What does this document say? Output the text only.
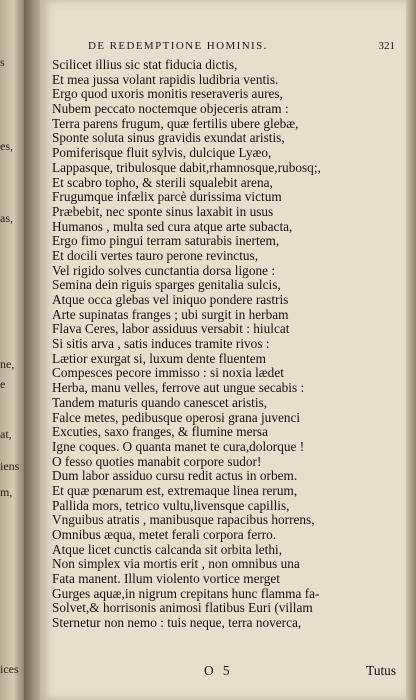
s
es,
as,
ne,
e
at,
iens
m,
ices
DE REDEMPTIONE HOMINIS.	321
Scilicet illius sic stat fiducia dictis,
Et mea jussa volant rapidis ludibria ventis.
Ergo quod uxoris monitis reseraveris aures,
Nubem peccato noctemque objeceris atram :
Terra parens frugum, quæ fertilis ubere glebæ,
Sponte soluta sinus gravidis exundat aristis,
Pomiferisque fluit sylvis, dulcique Lyæo,
Lappasque, tribulosque dabit,rhamnosque,rubosq;,
Et scabro topho, & sterili squalebit arena,
Frugumque infælix parcè durissima victum
Præbebit, nec sponte sinus laxabit in usus
Humanos , multa sed cura atque arte subacta,
Ergo fimo pingui terram saturabis inertem,
Et docili vertes tauro perone revinctus,
Vel rigido solves cunctantia dorsa ligone :
Semina dein riguis sparges genitalia sulcis,
Atque occa glebas vel iniquo pondere rastris
Arte supinatas franges ; ubi surgit in herbam
Flava Ceres, labor assiduus versabit : hiulcat
Si sitis arva , satis induces tramite rivos :
Lætior exurgat si, luxum dente fluentem
Compesces pecore immisso : si noxia lædet
Herba, manu velles, ferrove aut ungue secabis :
Tandem maturis quando canescet aristis,
Falce metes, pedibusque operosi grana juvenci
Excuties, saxo franges, & flumine mersa
Igne coques. O quanta manet te cura,dolorque !
O fesso quoties manabit corpore sudor!
Dum labor assiduo cursu redit actus in orbem.
Et quæ pœnarum est, extremaque linea rerum,
Pallida mors, tetrico vultu,livensque capillis,
Vnguibus atratis , manibusque rapacibus horrens,
Omnibus æqua, metet ferali corpora ferro.
Atque licet cunctis calcanda sit orbita lethi,
Non simplex via mortis erit , non omnibus una
Fata manent. Illum violento vortice merget
Gurges aquæ,in nigrum crepitans hunc flamma fa-
Solvet,& horrisonis animosi flatibus Euri (villam
Sternetur non nemo : tuis neque, terra noverca,
O 5	Tutus
